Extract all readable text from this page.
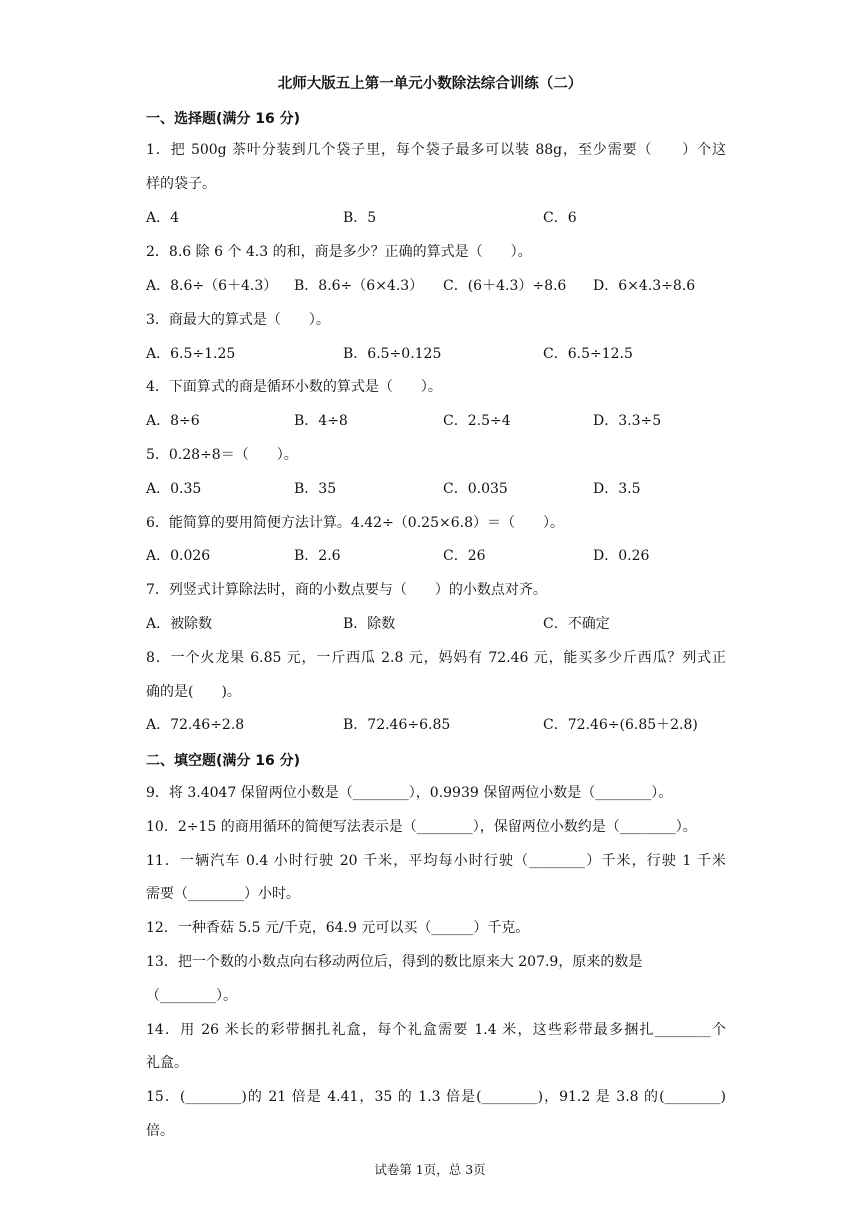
北师大版五上第一单元小数除法综合训练（二）
一、选择题(满分 16 分)
1．把 500g 茶叶分装到几个袋子里，每个袋子最多可以装 88g，至少需要（　　）个这
样的袋子。
A．4	B．5	C．6
2．8.6 除 6 个 4.3 的和，商是多少？正确的算式是（　　）。
A．8.6÷（6＋4.3） B．8.6÷（6×4.3） C．(6＋4.3）÷8.6 D．6×4.3÷8.6
3．商最大的算式是（　　）。
A．6.5÷1.25	B．6.5÷0.125	C．6.5÷12.5
4．下面算式的商是循环小数的算式是（　　）。
A．8÷6	B．4÷8	C．2.5÷4	D．3.3÷5
5．0.28÷8＝（　　）。
A．0.35	B．35	C．0.035	D．3.5
6．能简算的要用简便方法计算。4.42÷（0.25×6.8）＝（　　）。
A．0.026	B．2.6	C．26	D．0.26
7．列竖式计算除法时，商的小数点要与（　　）的小数点对齐。
A．被除数	B．除数	C．不确定
8．一个火龙果 6.85 元，一斤西瓜 2.8 元，妈妈有 72.46 元，能买多少斤西瓜？列式正
确的是(　　)。
A．72.46÷2.8	B．72.46÷6.85	C．72.46÷(6.85＋2.8)
二、填空题(满分 16 分)
9．将 3.4047 保留两位小数是（________），0.9939 保留两位小数是（________）。
10．2÷15 的商用循环的简便写法表示是（________），保留两位小数约是（________）。
11．一辆汽车 0.4 小时行驶 20 千米，平均每小时行驶（________）千米，行驶 1 千米
需要（________）小时。
12．一种香菇 5.5 元/千克，64.9 元可以买（______）千克。
13．把一个数的小数点向右移动两位后，得到的数比原来大 207.9，原来的数是
（________）。
14．用 26 米长的彩带捆扎礼盒，每个礼盒需要 1.4 米，这些彩带最多捆扎________个
礼盒。
15．(________)的 21 倍是 4.41，35 的 1.3 倍是(________)，91.2 是 3.8 的(________)
倍。
试卷第 1页，总 3页
